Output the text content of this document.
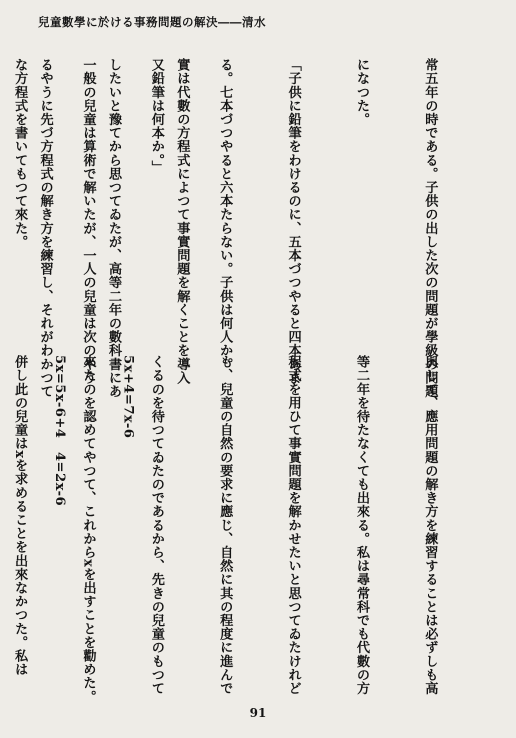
兒童數學に於ける事務問題の解決――清水

常五年の時である。子供の出した次の問題が學級の問題

になつた。

「子供に鉛筆をわけるのに、五本づつやると四本あま

る。七本づつやると六本たらない。子供は何人か。

又鉛筆は何本か。」

一般の兒童は算術で解いたが、一人の兒童は次のやう

な方程式を書いてもつて來た。

	實は代數の方程式によつて事實問題を解くことを導入

したいと豫てから思つてゐたが、高等二年の數科書にあ

るやうに先づ方程式の解き方を練習し、それがわかつて

與して、應用問題の解き方を練習することは必ずしも高

等二年を待たなくても出來る。私は尋常科でも代數の方

程式を用ひて事實問題を解かせたいと思つてゐたけれど

も、兒童の自然の要求に應じ、自然に其の程度に進んで

くるのを待つてゐたのであるから、先きの兒童のもつて

來たのを認めてやつて、これからхを出すことを勸めた。

併し此の兒童はхを求めることを出來なかつた。私は

	5x+4=7x-6

5x=5x-6+4　4=2x-6

91
